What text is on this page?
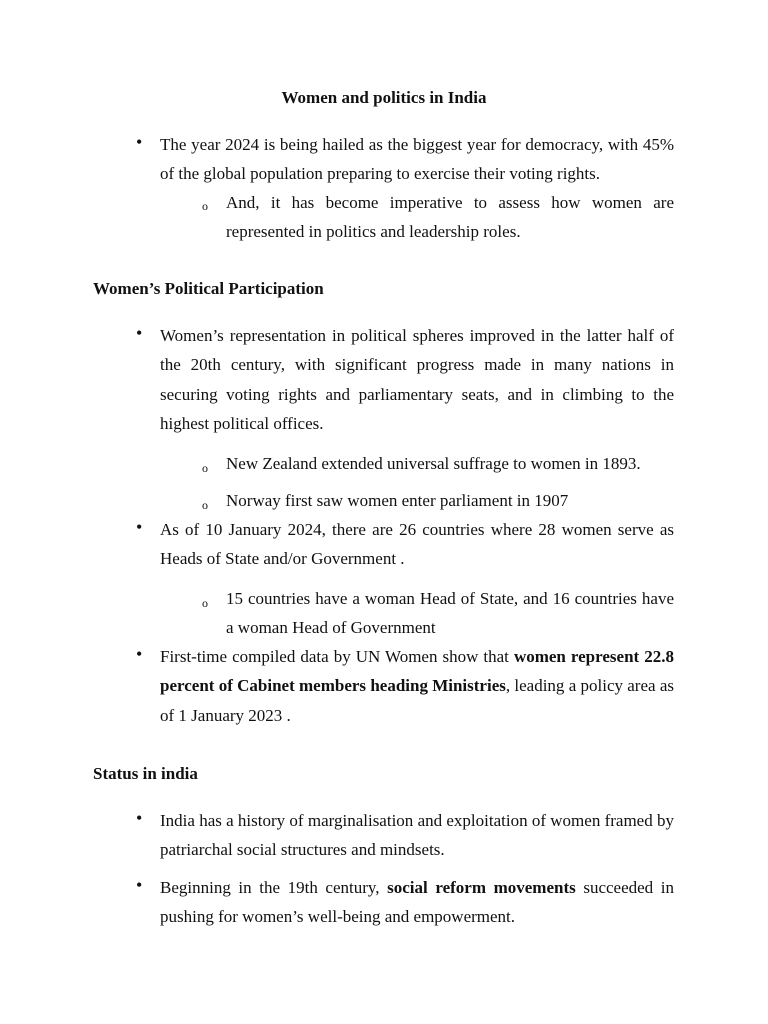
Women and politics in India
• The year 2024 is being hailed as the biggest year for democracy, with 45% of the global population preparing to exercise their voting rights.
o And, it has become imperative to assess how women are represented in politics and leadership roles.
Women’s Political Participation
• Women’s representation in political spheres improved in the latter half of the 20th century, with significant progress made in many nations in securing voting rights and parliamentary seats, and in climbing to the highest political offices.
o New Zealand extended universal suffrage to women in 1893.
o Norway first saw women enter parliament in 1907
• As of 10 January 2024, there are 26 countries where 28 women serve as Heads of State and/or Government .
o 15 countries have a woman Head of State, and 16 countries have a woman Head of Government
• First-time compiled data by UN Women show that women represent 22.8 percent of Cabinet members heading Ministries, leading a policy area as of 1 January 2023 .
Status in india
• India has a history of marginalisation and exploitation of women framed by patriarchal social structures and mindsets.
• Beginning in the 19th century, social reform movements succeeded in pushing for women’s well-being and empowerment.
